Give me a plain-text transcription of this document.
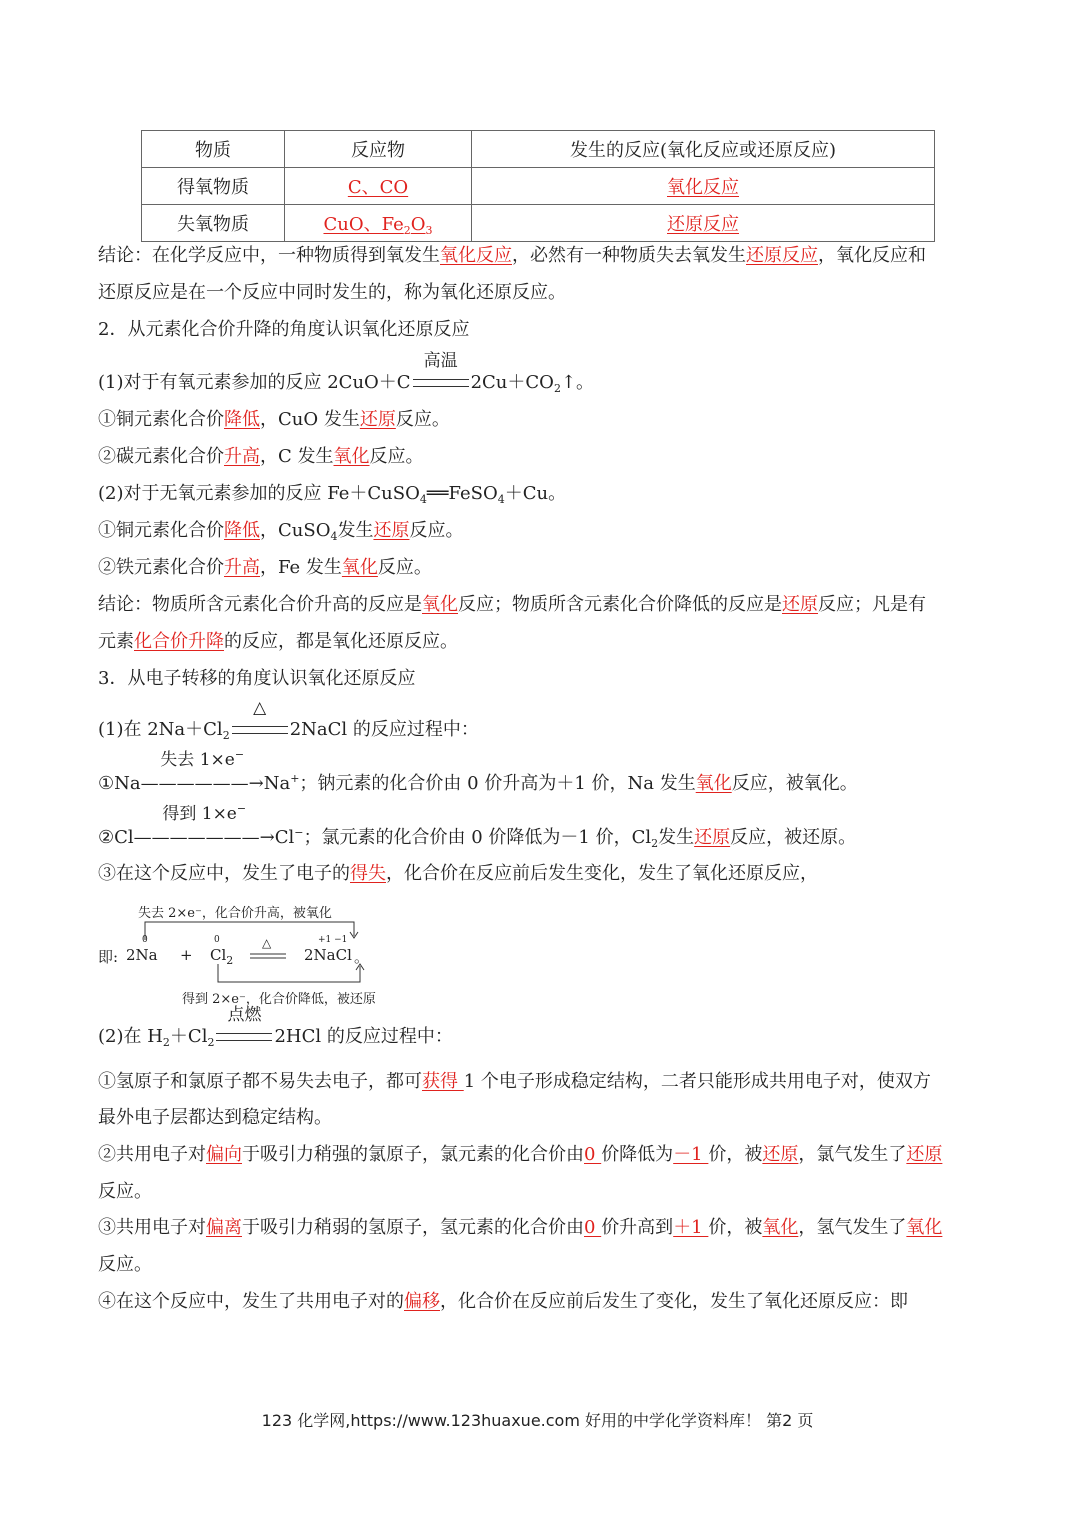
物质	反应物	发生的反应(氧化反应或还原反应)
得氧物质	C、CO	氧化反应
失氧物质	CuO、$Fe_2O_3$	还原反应
结论：在化学反应中，一种物质得到氧发生氧化反应，必然有一种物质失去氧发生还原反应，氧化反应和
还原反应是在一个反应中同时发生的，称为氧化还原反应。
2．从元素化合价升降的角度认识氧化还原反应
(1)对于有氧元素参加的反应 2CuO＋C
高温
$2Cu+CO_2↑$。
①铜元素化合价降低，CuO 发生还原反应。
②碳元素化合价升高，C 发生氧化反应。
(2)对于无氧元素参加的反应 Fe＋CuSO$_4$══FeSO$_4$＋Cu。
①铜元素化合价降低，CuSO$_4$发生还原反应。
②铁元素化合价升高，Fe 发生氧化反应。
结论：物质所含元素化合价升高的反应是氧化反应；物质所含元素化合价降低的反应是还原反应；凡是有
元素化合价升降的反应，都是氧化还原反应。
3．从电子转移的角度认识氧化还原反应
(1)在 $2Na+Cl_2$
△
2NaCl 的反应过程中：
①Na
失去 1×e−
——————→Na+；钠元素的化合价由 0 价升高为＋1 价，Na 发生氧化反应，被氧化。
②Cl
得到 1×e−
———————→Cl−；氯元素的化合价由 0 价降低为－1 价，$Cl_2$发生还原反应，被还原。
③在这个反应中，发生了电子的得失，化合价在反应前后发生变化，发生了氧化还原反应，
失去 2×e⁻，化合价升高，被氧化
即:
0
2Na +
0
$Cl_2$
△	+1 −1
2NaCl 。
得到 2×e⁻，化合价降低，被还原
(2)在 $H_2+Cl_2$
点燃
2HCl 的反应过程中：
①氢原子和氯原子都不易失去电子，都可获得 1 个电子形成稳定结构，二者只能形成共用电子对，使双方
最外电子层都达到稳定结构。
②共用电子对偏向于吸引力稍强的氯原子，氯元素的化合价由0 价降低为－1 价，被还原，氯气发生了还原
反应。
③共用电子对偏离于吸引力稍弱的氢原子，氢元素的化合价由0 价升高到＋1 价，被氧化，氢气发生了氧化
反应。
④在这个反应中，发生了共用电子对的偏移，化合价在反应前后发生了变化，发生了氧化还原反应：即
123 化学网,https://www.123huaxue.com 好用的中学化学资料库！ 第2 页
